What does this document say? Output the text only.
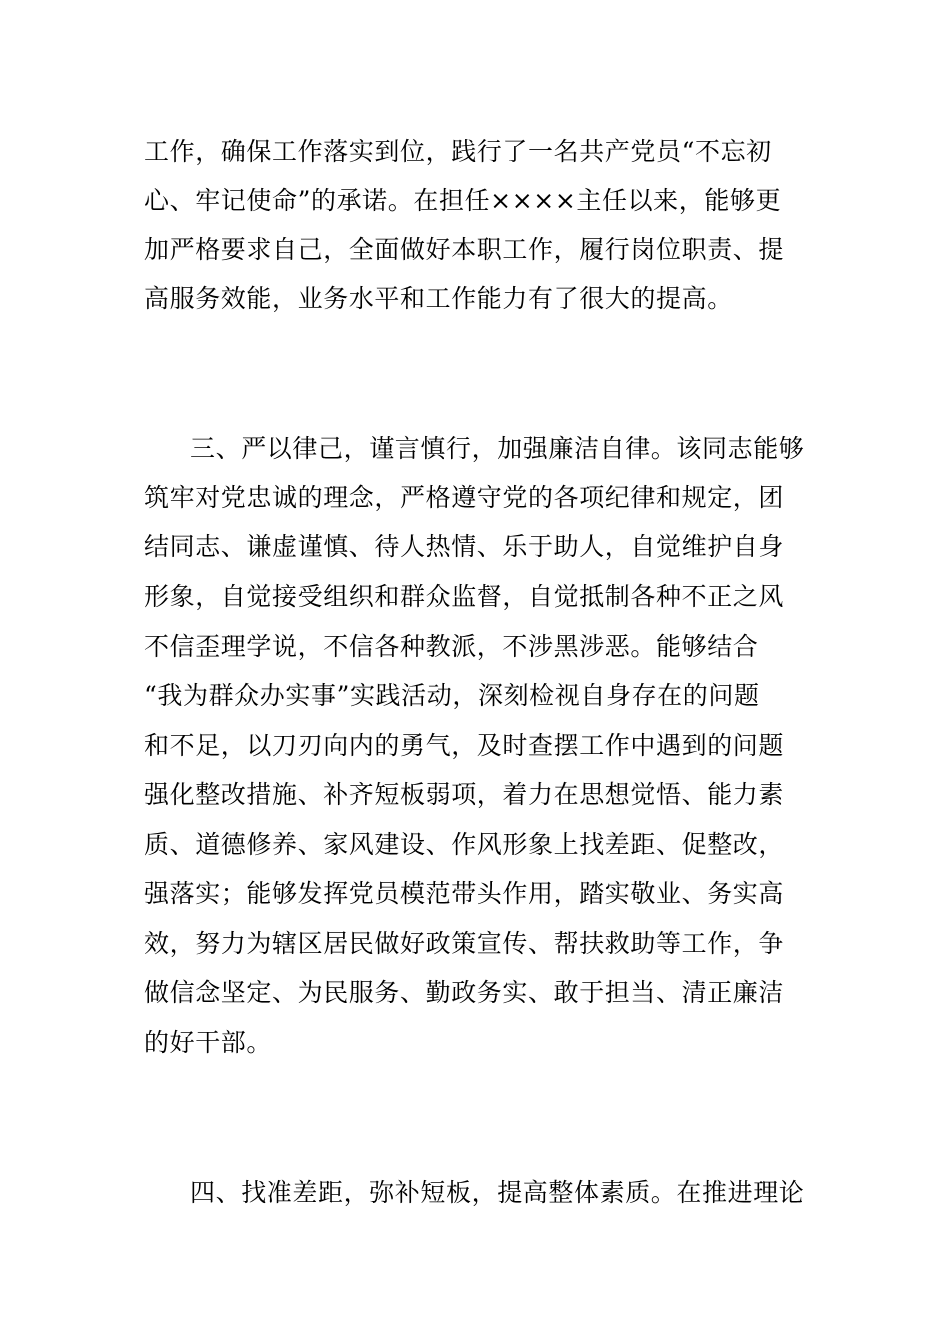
工作，确保工作落实到位，践行了一名共产党员“不忘初
心、牢记使命”的承诺。在担任××××主任以来，能够更
加严格要求自己，全面做好本职工作，履行岗位职责、提
高服务效能，业务水平和工作能力有了很大的提高。
三、严以律己，谨言慎行，加强廉洁自律。该同志能够
筑牢对党忠诚的理念，严格遵守党的各项纪律和规定，团
结同志、谦虚谨慎、待人热情、乐于助人，自觉维护自身
形象，自觉接受组织和群众监督，自觉抵制各种不正之风
不信歪理学说，不信各种教派，不涉黑涉恶。能够结合
“我为群众办实事”实践活动，深刻检视自身存在的问题
和不足，以刀刃向内的勇气，及时查摆工作中遇到的问题
强化整改措施、补齐短板弱项，着力在思想觉悟、能力素
质、道德修养、家风建设、作风形象上找差距、促整改，
强落实；能够发挥党员模范带头作用，踏实敬业、务实高
效，努力为辖区居民做好政策宣传、帮扶救助等工作，争
做信念坚定、为民服务、勤政务实、敢于担当、清正廉洁
的好干部。
四、找准差距，弥补短板，提高整体素质。在推进理论
